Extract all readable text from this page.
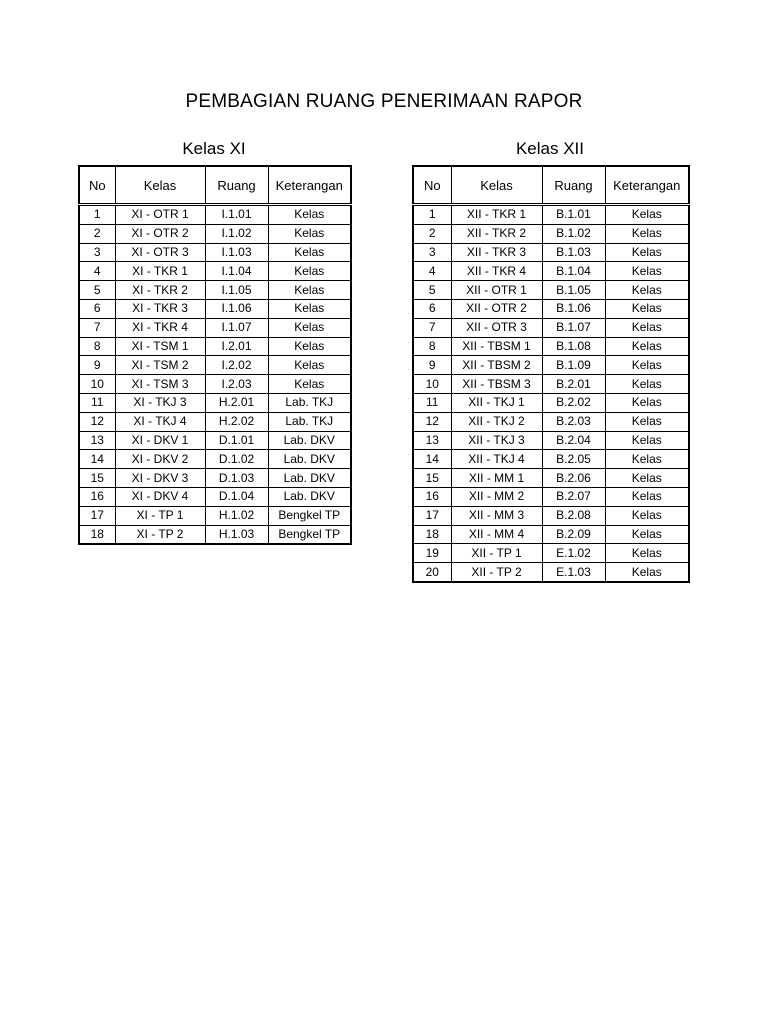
PEMBAGIAN RUANG PENERIMAAN RAPOR
Kelas XI	Kelas XII
No	Kelas	Ruang	Keterangan
1	XI - OTR 1	I.1.01	Kelas
2	XI - OTR 2	I.1.02	Kelas
3	XI - OTR 3	I.1.03	Kelas
4	XI - TKR 1	I.1.04	Kelas
5	XI - TKR 2	I.1.05	Kelas
6	XI - TKR 3	I.1.06	Kelas
7	XI - TKR 4	I.1.07	Kelas
8	XI - TSM 1	I.2.01	Kelas
9	XI - TSM 2	I.2.02	Kelas
10	XI - TSM 3	I.2.03	Kelas
11	XI - TKJ 3	H.2.01	Lab. TKJ
12	XI - TKJ 4	H.2.02	Lab. TKJ
13	XI - DKV 1	D.1.01	Lab. DKV
14	XI - DKV 2	D.1.02	Lab. DKV
15	XI - DKV 3	D.1.03	Lab. DKV
16	XI - DKV 4	D.1.04	Lab. DKV
17	XI - TP 1	H.1.02	Bengkel TP
18	XI - TP 2	H.1.03	Bengkel TP
No	Kelas	Ruang	Keterangan
1	XII - TKR 1	B.1.01	Kelas
2	XII - TKR 2	B.1.02	Kelas
3	XII - TKR 3	B.1.03	Kelas
4	XII - TKR 4	B.1.04	Kelas
5	XII - OTR 1	B.1.05	Kelas
6	XII - OTR 2	B.1.06	Kelas
7	XII - OTR 3	B.1.07	Kelas
8	XII - TBSM 1	B.1.08	Kelas
9	XII - TBSM 2	B.1.09	Kelas
10	XII - TBSM 3	B.2.01	Kelas
11	XII - TKJ 1	B.2.02	Kelas
12	XII - TKJ 2	B.2.03	Kelas
13	XII - TKJ 3	B.2.04	Kelas
14	XII - TKJ 4	B.2.05	Kelas
15	XII - MM 1	B.2.06	Kelas
16	XII - MM 2	B.2.07	Kelas
17	XII - MM 3	B.2.08	Kelas
18	XII - MM 4	B.2.09	Kelas
19	XII - TP 1	E.1.02	Kelas
20	XII - TP 2	E.1.03	Kelas
